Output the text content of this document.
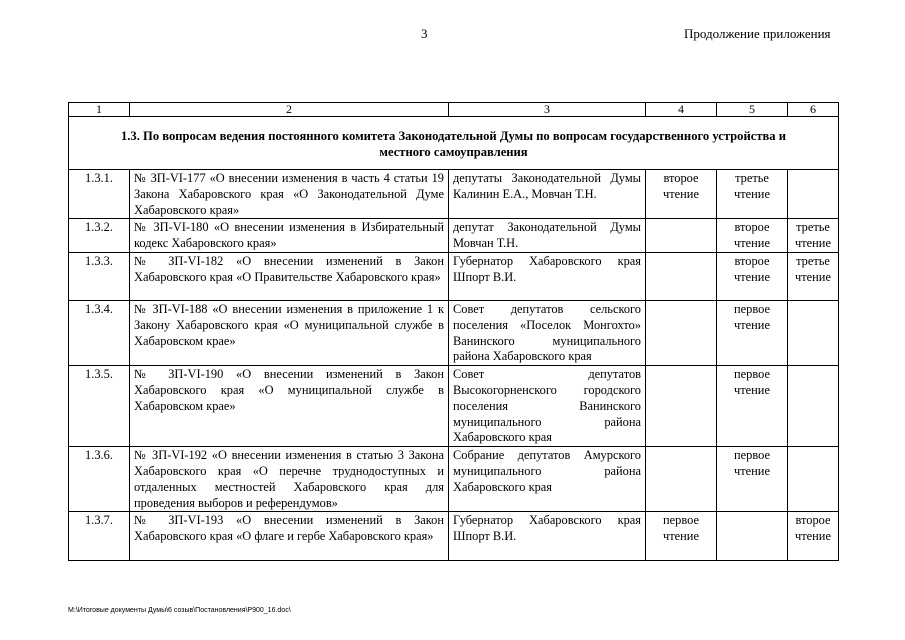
3	Продолжение приложения
1	2	3	4	5	6
1.3. По вопросам ведения постоянного комитета Законодательной Думы по вопросам государственного устройства и местного самоуправления					
1.3.1.	№ ЗП-VI-177 «О внесении изменения в часть 4 статьи 19 Закона Хабаровского края «О Законодательной Думе Хабаровского края»	депутаты Законодательной Думы Калинин Е.А., Мовчан Т.Н.	второе чтение	третье чтение	
1.3.2.	№ ЗП-VI-180 «О внесении изменения в Избирательный кодекс Хабаровского края»	депутат Законодательной Думы Мовчан Т.Н.		второе чтение	третье чтение
1.3.3.	№ ЗП-VI-182 «О внесении изменений в Закон Хабаровского края «О Правительстве Хабаровского края»	Губернатор Хабаровского края Шпорт В.И.		второе чтение	третье чтение
1.3.4.	№ ЗП-VI-188 «О внесении изменения в приложение 1 к Закону Хабаровского края «О муниципальной службе в Хабаровском крае»	Совет депутатов сельского поселения «Поселок Монгохто» Ванинского муниципального района Хабаровского края		первое чтение	
1.3.5.	№ ЗП-VI-190 «О внесении изменений в Закон Хабаровского края «О муниципальной службе в Хабаровском крае»	Совет депутатов Высокогорненского городского поселения Ванинского муниципального района Хабаровского края		первое чтение	
1.3.6.	№ ЗП-VI-192 «О внесении изменения в статью 3 Закона Хабаровского края «О перечне труднодоступных и отдаленных местностей Хабаровского края для проведения выборов и референдумов»	Собрание депутатов Амурского муниципального района Хабаровского края		первое чтение	
1.3.7.	№ ЗП-VI-193 «О внесении изменений в Закон Хабаровского края «О флаге и гербе Хабаровского края»	Губернатор Хабаровского края Шпорт В.И.	первое чтение		второе чтение
M:\Итоговые документы Думы\6 созыв\Постановления\P900_16.doc\
